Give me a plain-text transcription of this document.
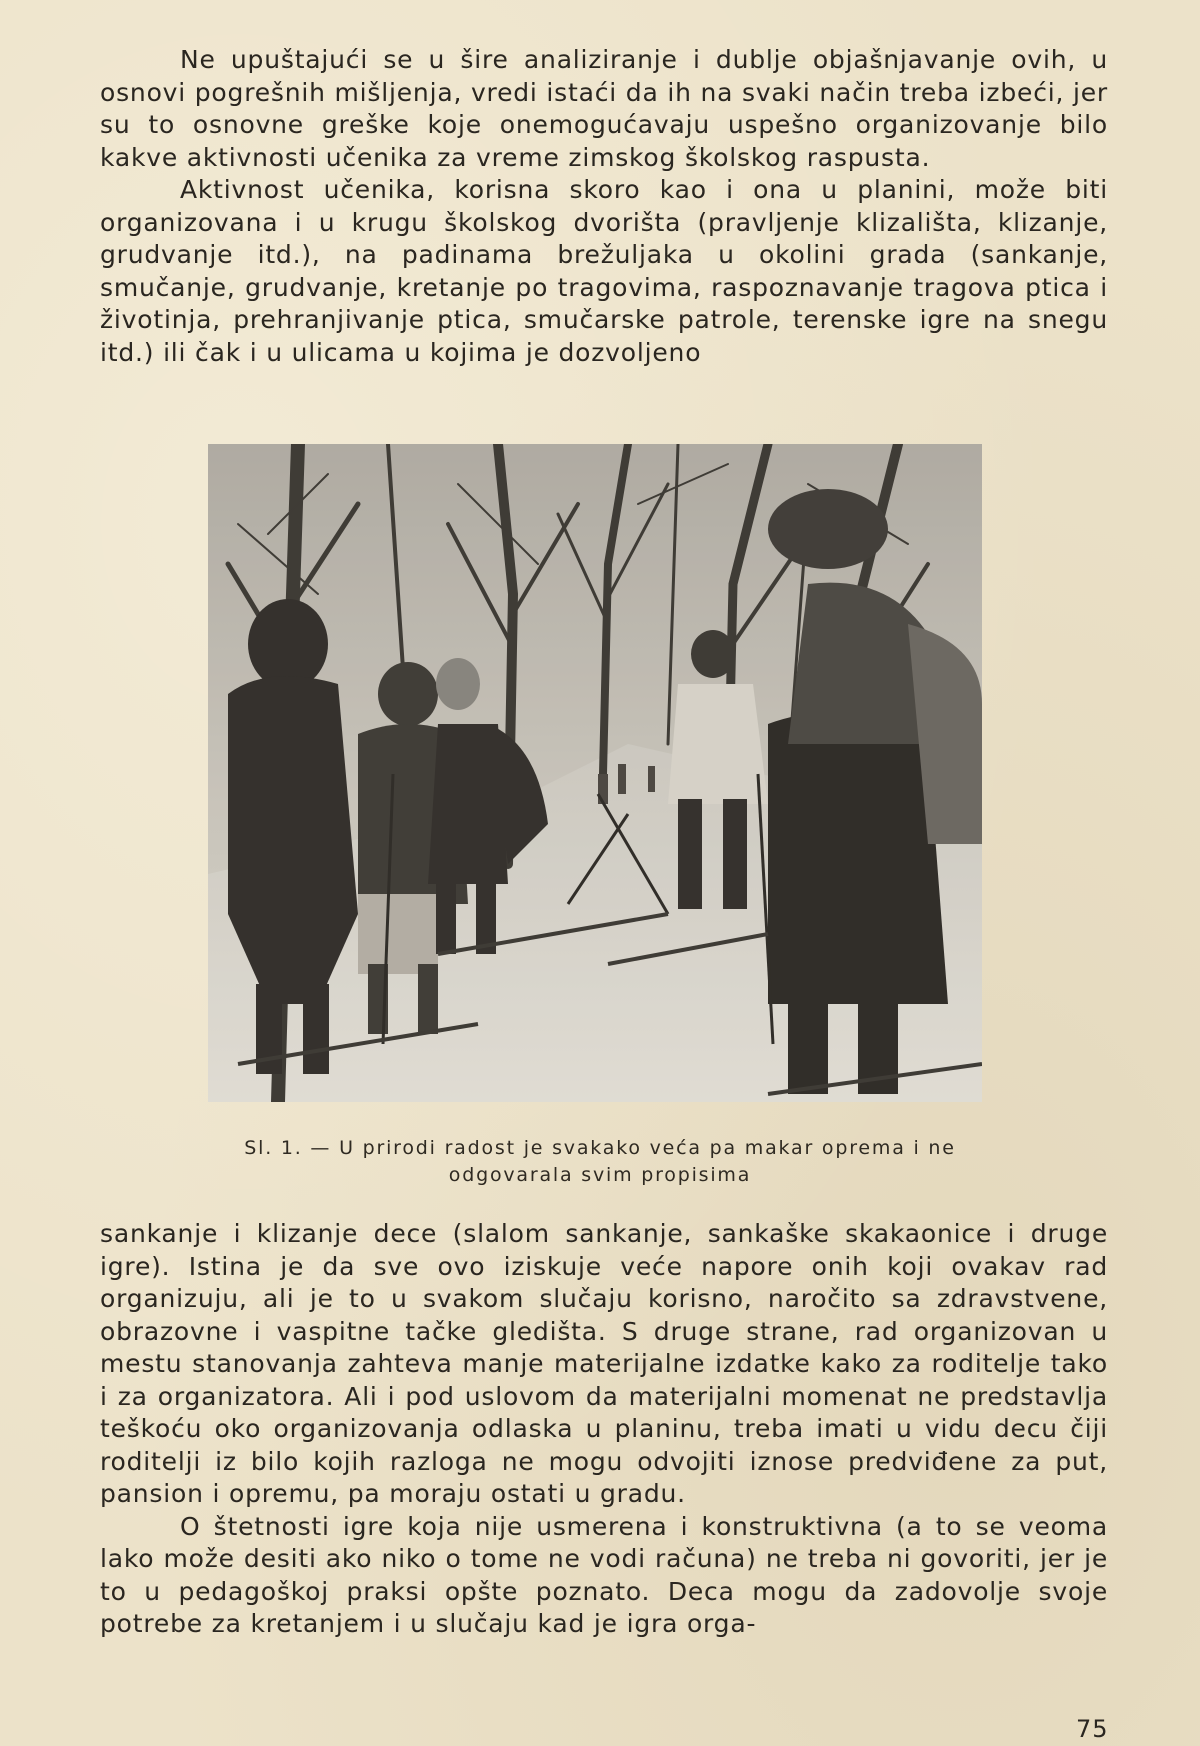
Ne upuštajući se u šire analiziranje i dublje objašnjavanje ovih, u osnovi pogrešnih mišljenja, vredi istaći da ih na svaki način treba izbeći, jer su to osnovne greške koje onemogućavaju uspešno organizovanje bilo kakve aktivnosti učenika za vreme zimskog školskog raspusta.

Aktivnost učenika, korisna skoro kao i ona u planini, može biti organizovana i u krugu školskog dvorišta (pravljenje klizališta, klizanje, grudvanje itd.), na padinama brežuljaka u okolini grada (sankanje, smučanje, grudvanje, kretanje po tragovima, raspoznavanje tragova ptica i životinja, prehranjivanje ptica, smučarske patrole, terenske igre na snegu itd.) ili čak i u ulicama u kojima je dozvoljeno

Sl. 1. — U prirodi radost je svakako veća pa makar oprema i ne
odgovarala svim propisima

sankanje i klizanje dece (slalom sankanje, sankaške skakaonice i druge igre). Istina je da sve ovo iziskuje veće napore onih koji ovakav rad organizuju, ali je to u svakom slučaju korisno, naročito sa zdravstvene, obrazovne i vaspitne tačke gledišta. S druge strane, rad organizovan u mestu stanovanja zahteva manje materijalne izdatke kako za roditelje tako i za organizatora. Ali i pod uslovom da materijalni momenat ne predstavlja teškoću oko organizovanja odlaska u planinu, treba imati u vidu decu čiji roditelji iz bilo kojih razloga ne mogu odvojiti iznose predviđene za put, pansion i opremu, pa moraju ostati u gradu.

O štetnosti igre koja nije usmerena i konstruktivna (a to se veoma lako može desiti ako niko o tome ne vodi računa) ne treba ni govoriti, jer je to u pedagoškoj praksi opšte poznato. Deca mogu da zadovolje svoje potrebe za kretanjem i u slučaju kad je igra orga-

75
